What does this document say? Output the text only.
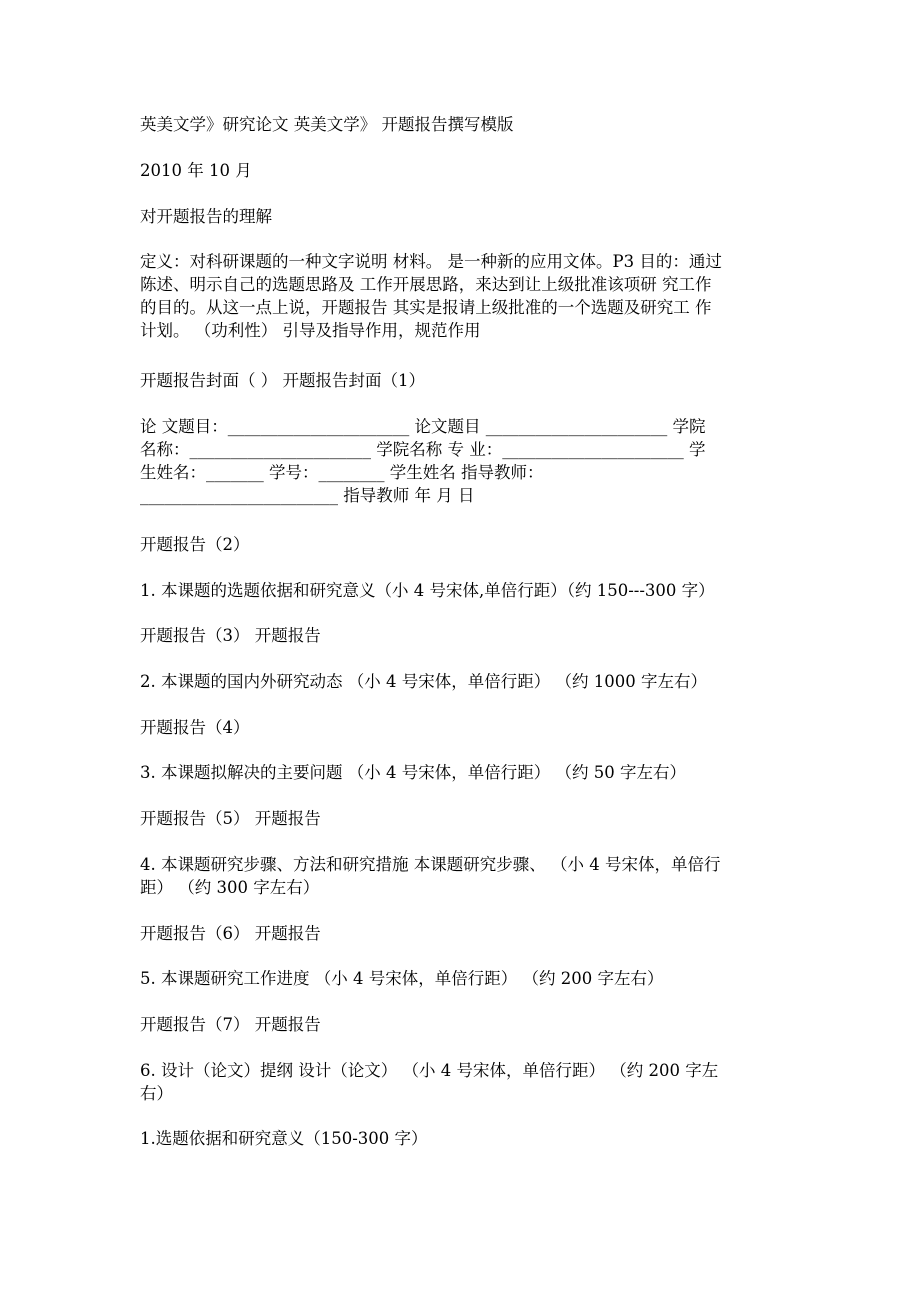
英美文学》研究论文 英美文学》 开题报告撰写模版
2010 年 10 月
对开题报告的理解
定义：对科研课题的一种文字说明 材料。 是一种新的应用文体。P3 目的：通过
陈述、明示自己的选题思路及 工作开展思路，来达到让上级批准该项研 究工作
的目的。从这一点上说，开题报告 其实是报请上级批准的一个选题及研究工 作
计划。 （功利性） 引导及指导作用，规范作用
开题报告封面（ ） 开题报告封面（1）
论 文题目：______________________ 论文题目 ______________________ 学院
名称：______________________ 学院名称 专 业：______________________ 学
生姓名：_______ 学号：________ 学生姓名 指导教师：
________________________ 指导教师 年 月 日
开题报告（2）
1. 本课题的选题依据和研究意义（小 4 号宋体,单倍行距）（约 150---300 字）
开题报告（3） 开题报告
2. 本课题的国内外研究动态 （小 4 号宋体，单倍行距） （约 1000 字左右）
开题报告（4）
3. 本课题拟解决的主要问题 （小 4 号宋体，单倍行距） （约 50 字左右）
开题报告（5） 开题报告
4. 本课题研究步骤、方法和研究措施 本课题研究步骤、 （小 4 号宋体，单倍行
距） （约 300 字左右）
开题报告（6） 开题报告
5. 本课题研究工作进度 （小 4 号宋体，单倍行距） （约 200 字左右）
开题报告（7） 开题报告
6. 设计（论文）提纲 设计（论文） （小 4 号宋体，单倍行距） （约 200 字左
右）
1.选题依据和研究意义（150-300 字）
